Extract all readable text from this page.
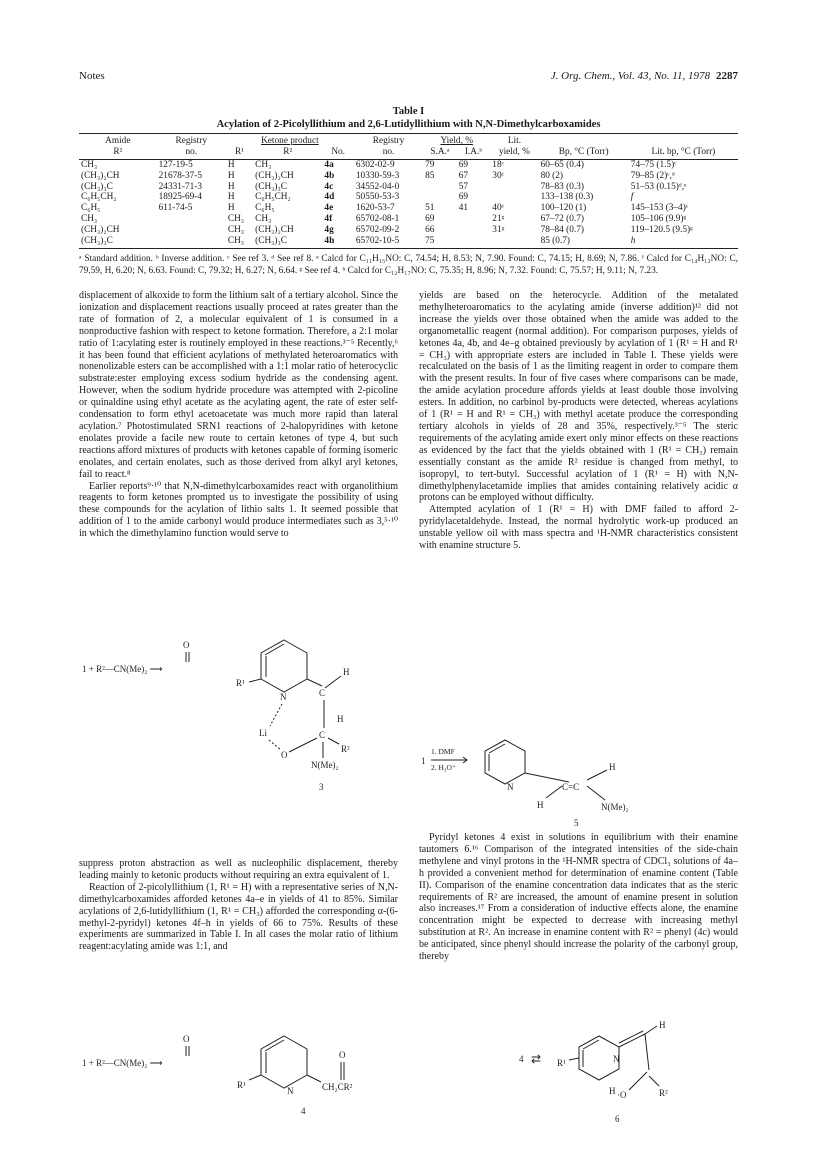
Notes	J. Org. Chem., Vol. 43, No. 11, 1978 2287
Table I
Acylation of 2-Picolyllithium and 2,6-Lutidyllithium with N,N-Dimethylcarboxamides
Amide	Registry	Ketone product			Registry	Yield, %		Lit.		
R²	no.	R¹	R²	No.	no.	S.A.ᵃ	I.A.ᵇ	yield, %	Bp, °C (Torr)	Lit. bp, °C (Torr)
CH₃	127-19-5	H	CH₃	4a	6302-02-9	79	69	18ᶜ	60–65 (0.4)	74–75 (1.5)ᶜ
(CH₃)₂CH	21678-37-5	H	(CH₃)₂CH	4b	10330-59-3	85	67	30ᶜ	80 (2)	79–85 (2)ᶜ,ᵈ
(CH₃)₃C	24331-71-3	H	(CH₃)₃C	4c	34552-04-0		57		78–83 (0.3)	51–53 (0.15)ᵈ,ᵉ
C₆H₅CH₂	18925-69-4	H	C₆H₅CH₂	4d	50550-53-3		69		133–138 (0.3)	f
C₆H₅	611-74-5	H	C₆H₅	4e	1620-53-7	51	41	40ᶜ	100–120 (1)	145–153 (3–4)ᶜ
CH₃		CH₃	CH₃	4f	65702-08-1	69		21ᵍ	67–72 (0.7)	105–106 (9.9)ᵍ
(CH₃)₂CH		CH₃	(CH₃)₂CH	4g	65702-09-2	66		31ᵍ	78–84 (0.7)	119–120.5 (9.5)ᵍ
(CH₃)₃C		CH₃	(CH₃)₃C	4h	65702-10-5	75			85 (0.7)	h
ᵃ Standard addition. ᵇ Inverse addition. ᶜ See ref 3. ᵈ See ref 8. ᵉ Calcd for C₁₁H₁₅NO: C, 74.54; H, 8.53; N, 7.90. Found: C, 74.15; H, 8.69; N, 7.86. ᶠ Calcd for C₁₄H₁₃NO: C, 79.59, H, 6.20; N, 6.63. Found: C, 79.32; H, 6.27; N, 6.64. ᵍ See ref 4. ʰ Calcd for C₁₂H₁₇NO: C, 75.35; H, 8.96; N, 7.32. Found: C, 75.57; H, 9.11; N, 7.23.

displacement of alkoxide to form the lithium salt of a tertiary alcohol. Since the ionization and displacement reactions usually proceed at rates greater than the rate of formation of 2, a molecular equivalent of 1 is consumed in a nonproductive fashion with respect to ketone formation. Therefore, a 2:1 molar ratio of 1:acylating ester is routinely employed in these reactions.³⁻⁵ Recently,⁶ it has been found that efficient acylations of methylated heteroaromatics with nonenolizable esters can be accomplished with a 1:1 molar ratio of heterocyclic substrate:ester employing excess sodium hydride as the condensing agent. However, when the sodium hydride procedure was attempted with 2-picoline or quinaldine using ethyl acetate as the acylating agent, the rate of ester self-condensation to form ethyl acetoacetate was much more rapid than lateral acylation.⁷ Photostimulated SRN1 reactions of 2-halopyridines with ketone enolates provide a facile new route to certain ketones of type 4, but such reactions afford mixtures of products with ketones capable of forming isomeric enolates, and certain enolates, such as those derived from alkyl aryl ketones, fail to react.⁸

Earlier reports⁹·¹⁰ that N,N-dimethylcarboxamides react with organolithium reagents to form ketones prompted us to investigate the possibility of using these compounds for the acylation of lithio salts 1. It seemed possible that addition of 1 to the amide carbonyl would produce intermediates such as 3,⁵·¹⁰ in which the dimethylamino function would serve to

1 + R²—CN(Me)₂ ⟶
O
N
R¹
C
H
H
Li
O
C
R²
N(Me)₂
3

suppress proton abstraction as well as nucleophilic displacement, thereby leading mainly to ketonic products without requiring an extra equivalent of 1.

Reaction of 2-picolyllithium (1, R¹ = H) with a representative series of N,N-dimethylcarboxamides afforded ketones 4a–e in yields of 41 to 85%. Similar acylations of 2,6-lutidyllithium (1, R¹ = CH₃) afforded the corresponding α-(6-methyl-2-pyridyl) ketones 4f–h in yields of 66 to 75%. Results of these experiments are summarized in Table I. In all cases the molar ratio of lithium reagent:acylating amide was 1:1, and

1 + R²—CN(Me)₂ ⟶
O
N
R¹	CH₂CR²
O
4

yields are based on the heterocycle. Addition of the metalated methylheteroaromatics to the acylating amide (inverse addition)¹² did not increase the yields over those obtained when the amide was added to the organometallic reagent (normal addition). For comparison purposes, yields of ketones 4a, 4b, and 4e–g obtained previously by acylation of 1 (R¹ = H and R¹ = CH₃) with appropriate esters are included in Table I. These yields were recalculated on the basis of 1 as the limiting reagent in order to compare them with the present results. In four of five cases where comparisons can be made, the amide acylation procedure affords yields at least double those involving esters. In addition, no carbinol by-products were detected, whereas acylations of 1 (R¹ = H and R¹ = CH₃) with methyl acetate produce the corresponding tertiary alcohols in yields of 28 and 35%, respectively.³⁻⁵ The steric requirements of the acylating amide exert only minor effects on these reactions as evidenced by the fact that the yields obtained with 1 (R¹ = CH₃) remain essentially constant as the amide R² residue is changed from methyl, to isopropyl, to tert-butyl. Successful acylation of 1 (R¹ = H) with N,N-dimethylphenylacetamide implies that amides containing relatively acidic α protons can be employed without difficulty.

Attempted acylation of 1 (R¹ = H) with DMF failed to afford 2-pyridylacetaldehyde. Instead, the normal hydrolytic work-up produced an unstable yellow oil with mass spectra and ¹H-NMR characteristics consistent with enamine structure 5.

1
1. DMF
2. H₃O⁺
N	C=C
H
H
N(Me)₂
5

Pyridyl ketones 4 exist in solutions in equilibrium with their enamine tautomers 6.¹⁶ Comparison of the integrated intensities of the side-chain methylene and vinyl protons in the ¹H-NMR spectra of CDCl₃ solutions of 4a–h provided a convenient method for determination of enamine content (Table II). Comparison of the enamine concentration data indicates that as the steric requirements of R² are increased, the amount of enamine present in solution also increases.¹⁷ From a consideration of inductive effects alone, the enamine concentration might be expected to decrease with increasing methyl substitution at R². An increase in enamine content with R² = phenyl (4c) would be anticipated, since phenyl should increase the polarity of the carbonyl group, thereby

4 ⇄ R¹	N
H
H ·O	R²
6
